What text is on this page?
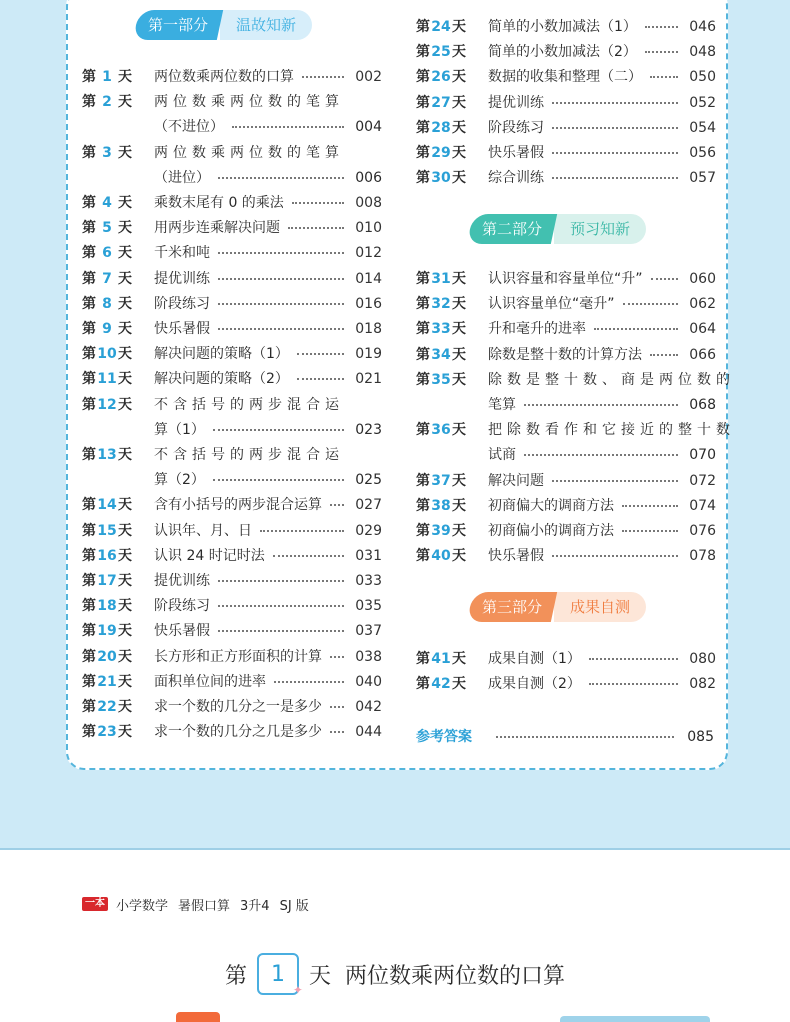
第一部分	温故知新
第二部分	预习知新
第三部分	成果自测
第 1 天 两位数乘两位数的口算	002
第 2 天 两位数乘两位数的笔算
（不进位）	004
第 3 天 两位数乘两位数的笔算
（进位）	006
第 4 天 乘数末尾有 0 的乘法	008
第 5 天 用两步连乘解决问题	010
第 6 天 千米和吨	012
第 7 天 提优训练	014
第 8 天 阶段练习	016
第 9 天 快乐暑假	018
第10天 解决问题的策略（1）	019
第11天 解决问题的策略（2）	021
第12天 不含括号的两步混合运
算（1）	023
第13天 不含括号的两步混合运
算（2）	025
第14天 含有小括号的两步混合运算 027
第15天 认识年、月、日	029
第16天 认识 24 时记时法	031
第17天 提优训练	033
第18天 阶段练习	035
第19天 快乐暑假	037
第20天 长方形和正方形面积的计算 038
第21天 面积单位间的进率	040
第22天 求一个数的几分之一是多少 042
第23天 求一个数的几分之几是多少 044
第24天 简单的小数加减法（1）	046
第25天 简单的小数加减法（2）	048
第26天 数据的收集和整理（二）	050
第27天 提优训练	052
第28天 阶段练习	054
第29天 快乐暑假	056
第30天 综合训练	057
第31天 认识容量和容量单位“升”	060
第32天 认识容量单位“毫升”	062
第33天 升和毫升的进率	064
第34天 除数是整十数的计算方法	066
第35天 除数是整十数、商是两位数的
笔算	068
第36天 把除数看作和它接近的整十数
试商	070
第37天 解决问题	072
第38天 初商偏大的调商方法	074
第39天 初商偏小的调商方法	076
第40天 快乐暑假	078
第41天 成果自测（1）	080
第42天 成果自测（2）	082
参考答案	085
一本 小学数学 暑假口算 3升4 SJ 版
第 1
✦
天 两位数乘两位数的口算
